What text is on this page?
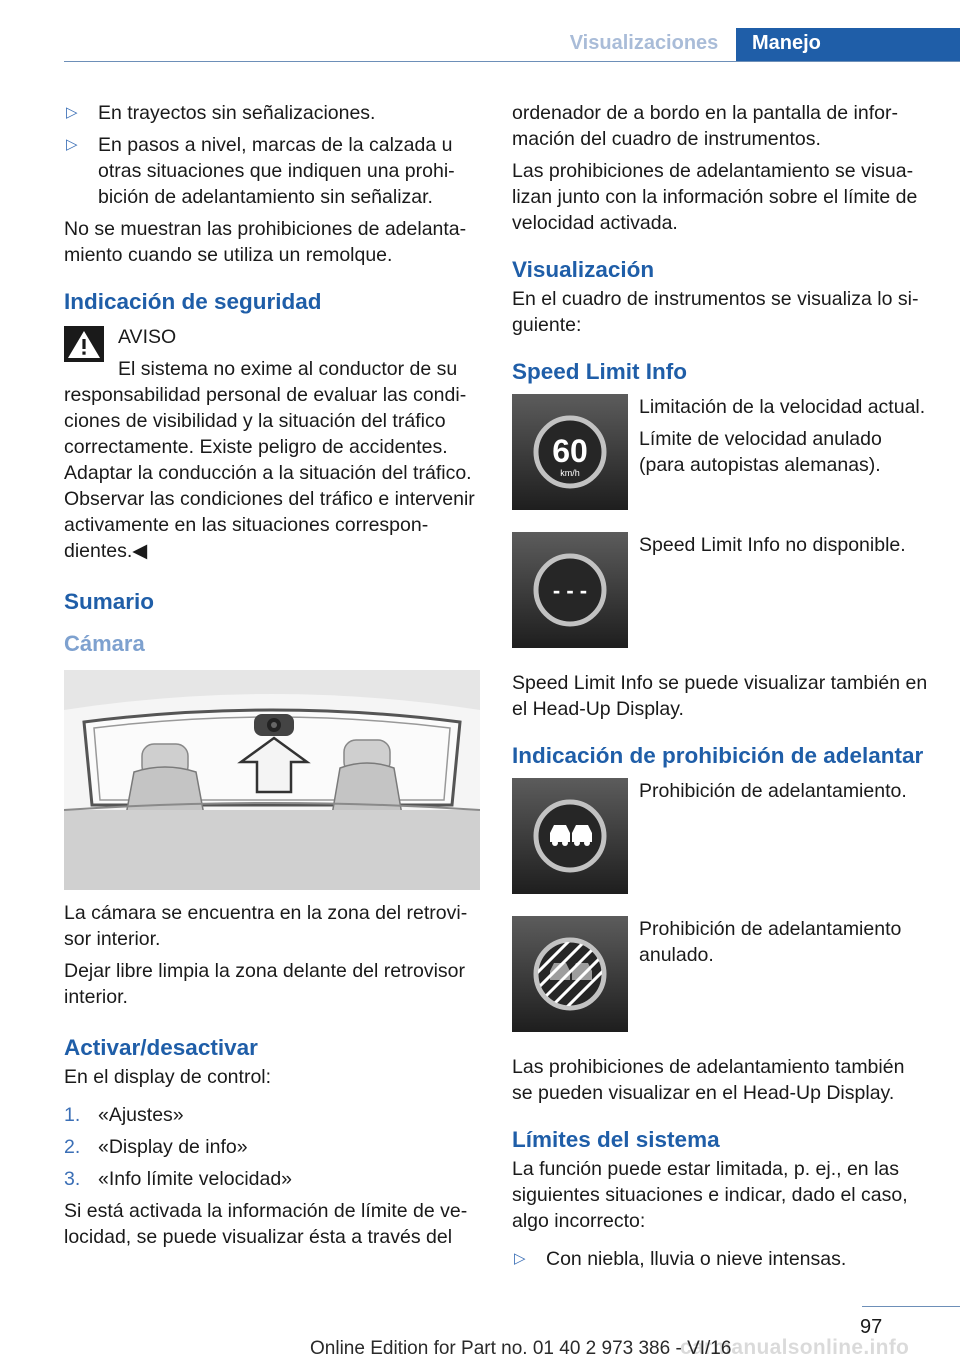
Visualizaciones	Manejo
▷ En trayectos sin señalizaciones.
▷ En pasos a nivel, marcas de la calzada u otras situaciones que indiquen una prohibición de adelantamiento sin señalizar.

No se muestran las prohibiciones de adelantamiento cuando se utiliza un remolque.

Indicación de seguridad

AVISO

El sistema no exime al conductor de su

responsabilidad personal de evaluar las condiciones de visibilidad y la situación del tráfico correctamente. Existe peligro de accidentes. Adaptar la conducción a la situación del tráfico. Observar las condiciones del tráfico e intervenir activamente en las situaciones correspondientes.◀

Sumario
Cámara

La cámara se encuentra en la zona del retrovisor interior.

Dejar libre limpia la zona delante del retrovisor interior.

Activar/desactivar

En el display de control:

1. «Ajustes»
2. «Display de info»
3. «Info límite velocidad»

Si está activada la información de límite de velocidad, se puede visualizar ésta a través del

ordenador de a bordo en la pantalla de información del cuadro de instrumentos.

Las prohibiciones de adelantamiento se visualizan junto con la información sobre el límite de velocidad activada.

Visualización

En el cuadro de instrumentos se visualiza lo siguiente:

Speed Limit Info
60
km/h

Limitación de la velocidad actual.

Límite de velocidad anulado (para autopistas alemanas).

- - -

Speed Limit Info no disponible.

Speed Limit Info se puede visualizar también en el Head-Up Display.

Indicación de prohibición de adelantar

Prohibición de adelantamiento.

Prohibición de adelantamiento anulado.

Las prohibiciones de adelantamiento también se pueden visualizar en el Head-Up Display.

Límites del sistema

La función puede estar limitada, p. ej., en las siguientes situaciones e indicar, dado el caso, algo incorrecto:

▷ Con niebla, lluvia o nieve intensas.
97
Online Edition for Part no. 01 40 2 973 386 - VI/16
carmanualsonline.info
